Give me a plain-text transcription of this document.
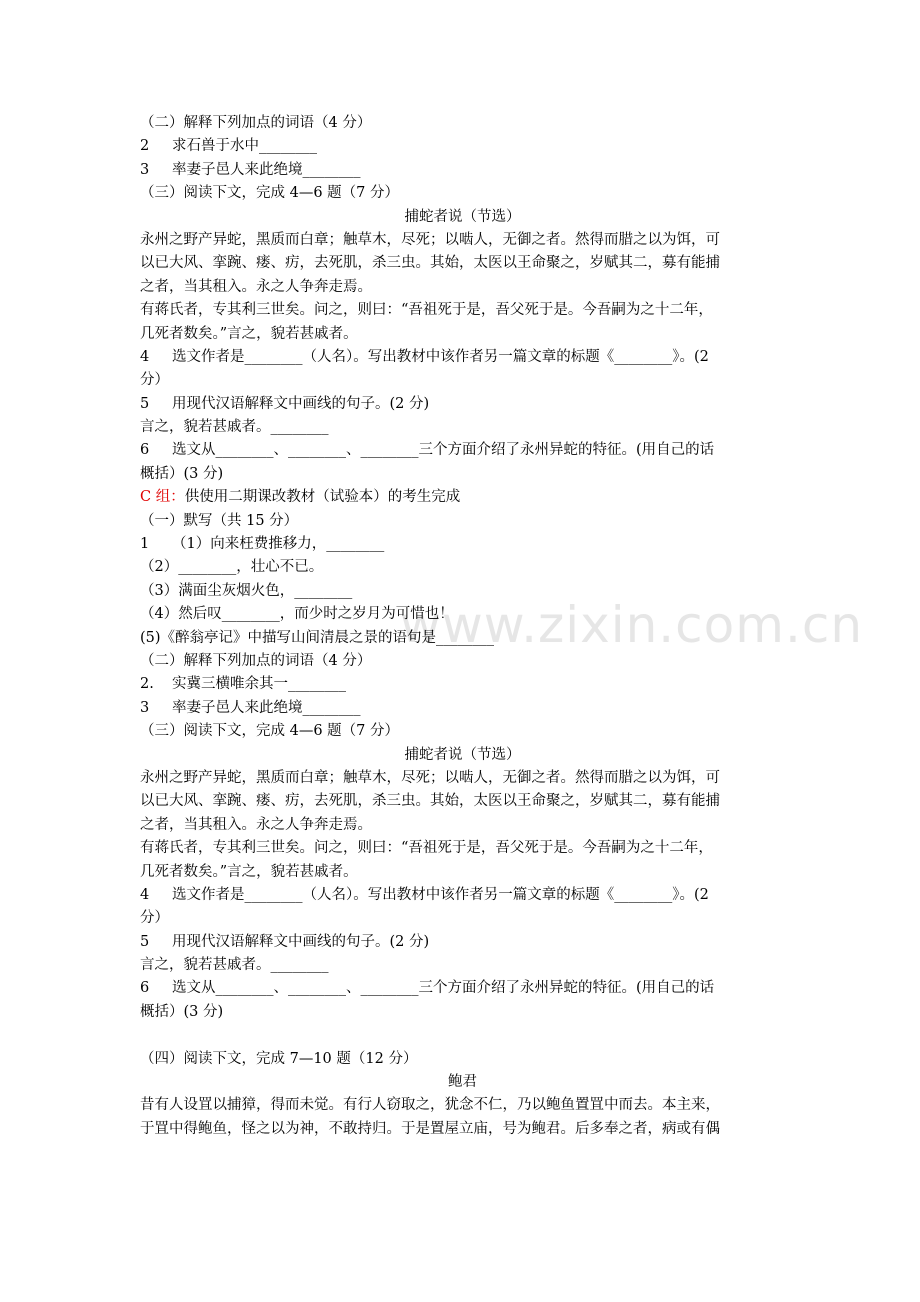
www.zixin.com.cn
（二）解释下列加点的词语（4 分）
2 求石兽于水中________
3 率妻子邑人来此绝境________
（三）阅读下文，完成 4—6 题（7 分）
捕蛇者说（节选）
永州之野产异蛇，黑质而白章；触草木，尽死；以啮人，无御之者。然得而腊之以为饵，可
以已大风、挛踠、瘘、疠，去死肌，杀三虫。其始，太医以王命聚之，岁赋其二，募有能捕
之者，当其租入。永之人争奔走焉。
有蒋氏者，专其利三世矣。问之，则曰：“吾祖死于是，吾父死于是。今吾嗣为之十二年，
几死者数矣。”言之，貌若甚戚者。
4 选文作者是________（人名）。写出教材中该作者另一篇文章的标题《________》。(2
分）
5 用现代汉语解释文中画线的句子。(2 分)
言之，貌若甚戚者。________
6 选文从________、________、________三个方面介绍了永州异蛇的特征。(用自己的话
概括）(3 分)
C 组：供使用二期课改教材（试验本）的考生完成
（一）默写（共 15 分）
1 （1）向来枉费推移力，________
（2）________，壮心不已。
（3）满面尘灰烟火色，________
（4）然后叹________，而少时之岁月为可惜也！
(5)《醉翁亭记》中描写山间清晨之景的语句是________
（二）解释下列加点的词语（4 分）
2. 实冀三横唯余其一________
3 率妻子邑人来此绝境________
（三）阅读下文，完成 4—6 题（7 分）
捕蛇者说（节选）
永州之野产异蛇，黑质而白章；触草木，尽死；以啮人，无御之者。然得而腊之以为饵，可
以已大风、挛踠、瘘、疠，去死肌，杀三虫。其始，太医以王命聚之，岁赋其二，募有能捕
之者，当其租入。永之人争奔走焉。
有蒋氏者，专其利三世矣。问之，则曰：“吾祖死于是，吾父死于是。今吾嗣为之十二年，
几死者数矣。”言之，貌若甚戚者。
4 选文作者是________（人名）。写出教材中该作者另一篇文章的标题《________》。(2
分）
5 用现代汉语解释文中画线的句子。(2 分)
言之，貌若甚戚者。________
6 选文从________、________、________三个方面介绍了永州异蛇的特征。(用自己的话
概括）(3 分)
（四）阅读下文，完成 7—10 题（12 分）
鲍君
昔有人设罝以捕獐，得而未觉。有行人窃取之，犹念不仁，乃以鲍鱼置罝中而去。本主来，
于罝中得鲍鱼，怪之以为神，不敢持归。于是置屋立庙，号为鲍君。后多奉之者，病或有偶
